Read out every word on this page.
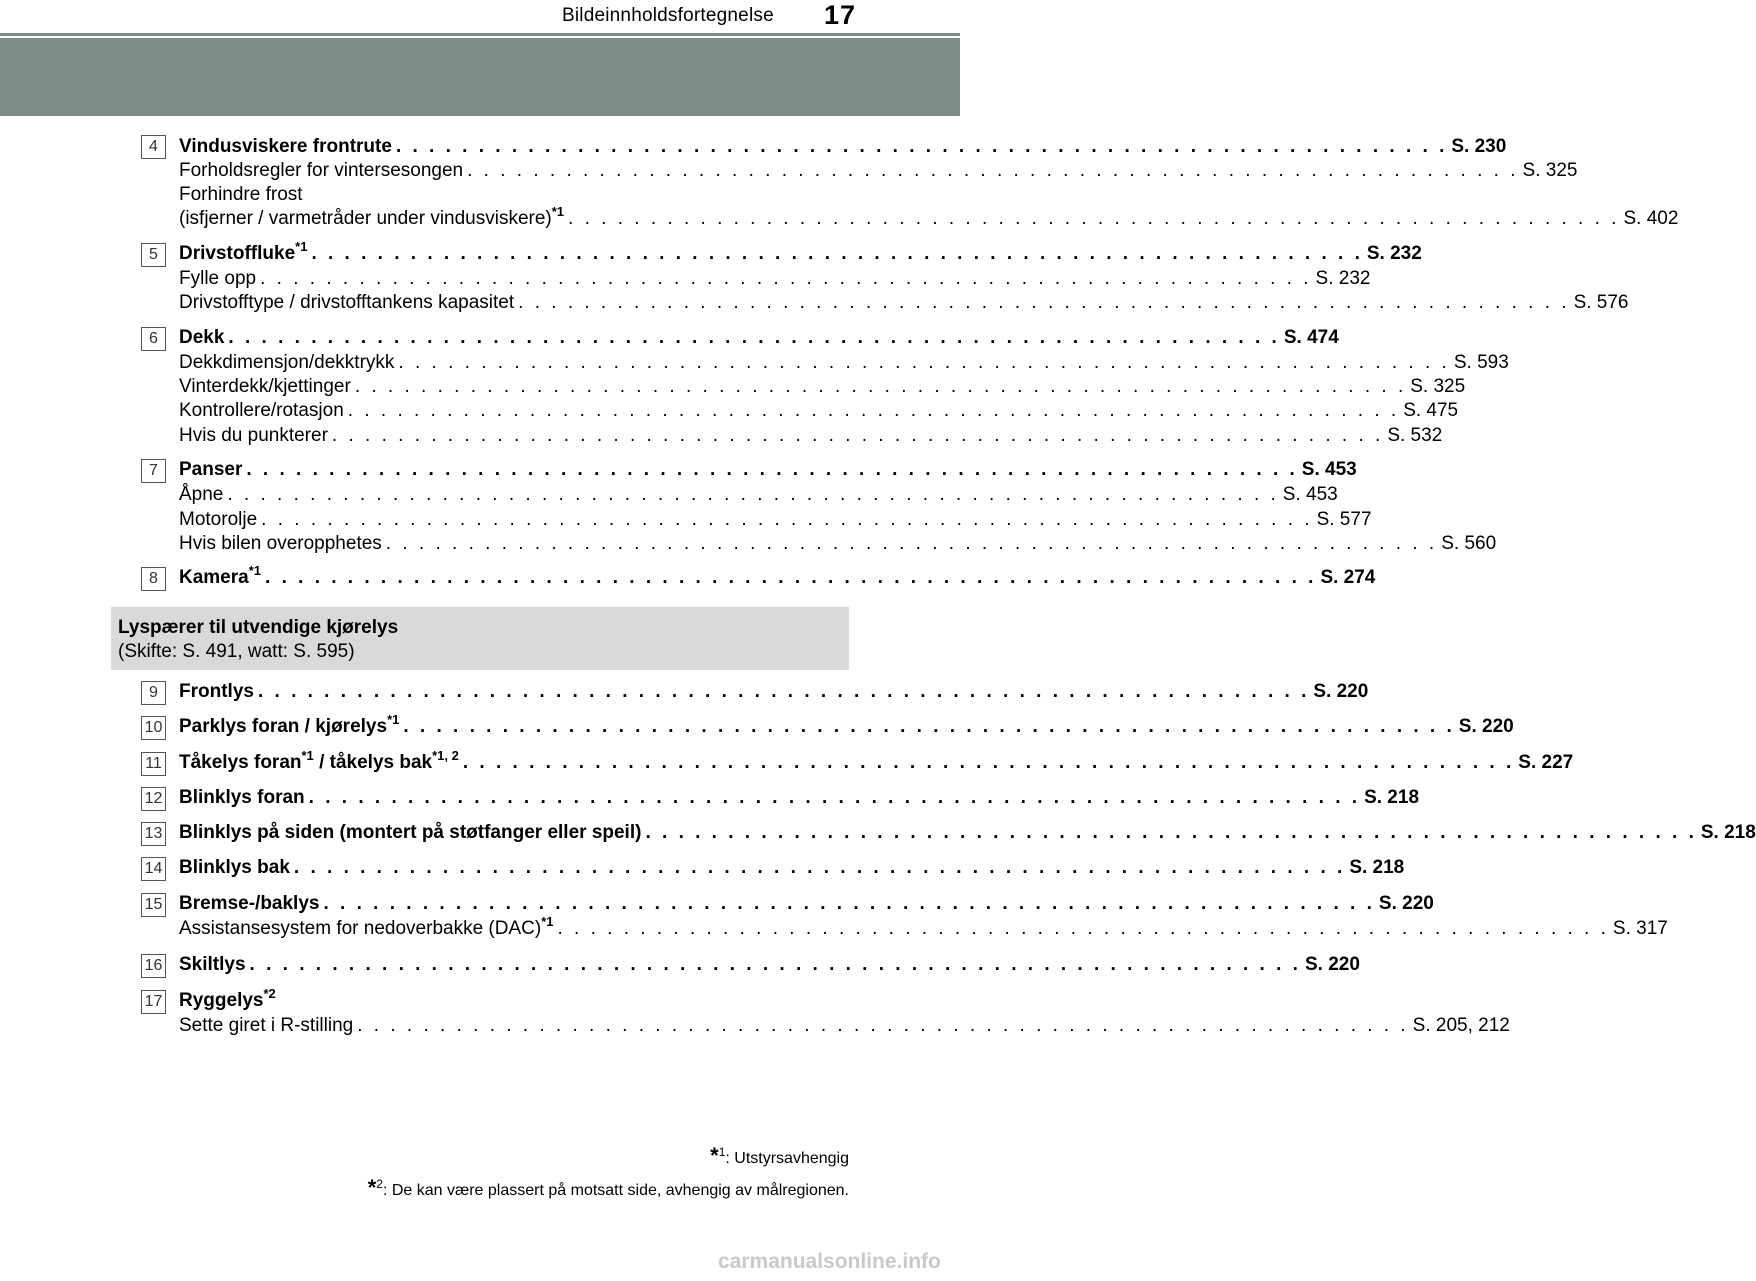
Bildeinnholdsfortegnelse 17
4	Vindusviskere frontrute . . . . . . . . . . . . . . . . . . . . . . . . . . . . . . . . . . . . . . . . . . . . . . . . . . . . . . . . . . . . . . . . S. 230
Forholdsregler for vintersesongen . . . . . . . . . . . . . . . . . . . . . . . . . . . . . . . . . . . . . . . . . . . . . . . . . . . . . . . . . . . . . . . . S. 325
Forhindre frost
(isfjerner / varmetråder under vindusviskere)$^{*1}$ . . . . . . . . . . . . . . . . . . . . . . . . . . . . . . . . . . . . . . . . . . . . . . . . . . . . . . . . . . . . . . . . S. 402
5	Drivstoffluke$^{*1}$ . . . . . . . . . . . . . . . . . . . . . . . . . . . . . . . . . . . . . . . . . . . . . . . . . . . . . . . . . . . . . . . . S. 232
Fylle opp . . . . . . . . . . . . . . . . . . . . . . . . . . . . . . . . . . . . . . . . . . . . . . . . . . . . . . . . . . . . . . . . S. 232
Drivstofftype / drivstofftankens kapasitet . . . . . . . . . . . . . . . . . . . . . . . . . . . . . . . . . . . . . . . . . . . . . . . . . . . . . . . . . . . . . . . . S. 576
6	Dekk . . . . . . . . . . . . . . . . . . . . . . . . . . . . . . . . . . . . . . . . . . . . . . . . . . . . . . . . . . . . . . . . S. 474
Dekkdimensjon/dekktrykk . . . . . . . . . . . . . . . . . . . . . . . . . . . . . . . . . . . . . . . . . . . . . . . . . . . . . . . . . . . . . . . . S. 593
Vinterdekk/kjettinger . . . . . . . . . . . . . . . . . . . . . . . . . . . . . . . . . . . . . . . . . . . . . . . . . . . . . . . . . . . . . . . . S. 325
Kontrollere/rotasjon . . . . . . . . . . . . . . . . . . . . . . . . . . . . . . . . . . . . . . . . . . . . . . . . . . . . . . . . . . . . . . . . S. 475
Hvis du punkterer . . . . . . . . . . . . . . . . . . . . . . . . . . . . . . . . . . . . . . . . . . . . . . . . . . . . . . . . . . . . . . . . S. 532
7	Panser . . . . . . . . . . . . . . . . . . . . . . . . . . . . . . . . . . . . . . . . . . . . . . . . . . . . . . . . . . . . . . . . S. 453
Åpne . . . . . . . . . . . . . . . . . . . . . . . . . . . . . . . . . . . . . . . . . . . . . . . . . . . . . . . . . . . . . . . . S. 453
Motorolje . . . . . . . . . . . . . . . . . . . . . . . . . . . . . . . . . . . . . . . . . . . . . . . . . . . . . . . . . . . . . . . . S. 577
Hvis bilen overopphetes . . . . . . . . . . . . . . . . . . . . . . . . . . . . . . . . . . . . . . . . . . . . . . . . . . . . . . . . . . . . . . . . S. 560
8	Kamera$^{*1}$ . . . . . . . . . . . . . . . . . . . . . . . . . . . . . . . . . . . . . . . . . . . . . . . . . . . . . . . . . . . . . . . . S. 274
Lyspærer til utvendige kjørelys
(Skifte: S. 491, watt: S. 595)
9	Frontlys . . . . . . . . . . . . . . . . . . . . . . . . . . . . . . . . . . . . . . . . . . . . . . . . . . . . . . . . . . . . . . . . S. 220
10 Parklys foran / kjørelys$^{*1}$ . . . . . . . . . . . . . . . . . . . . . . . . . . . . . . . . . . . . . . . . . . . . . . . . . . . . . . . . . . . . . . . . S. 220
11 Tåkelys foran$^{*1}$ / tåkelys bak$^{*1, 2}$ . . . . . . . . . . . . . . . . . . . . . . . . . . . . . . . . . . . . . . . . . . . . . . . . . . . . . . . . . . . . . . . . S. 227
12 Blinklys foran . . . . . . . . . . . . . . . . . . . . . . . . . . . . . . . . . . . . . . . . . . . . . . . . . . . . . . . . . . . . . . . . S. 218
13 Blinklys på siden (montert på støtfanger eller speil) . . . . . . . . . . . . . . . . . . . . . . . . . . . . . . . . . . . . . . . . . . . . . . . . . . . . . . . . . . . . . . . . S. 218
14 Blinklys bak . . . . . . . . . . . . . . . . . . . . . . . . . . . . . . . . . . . . . . . . . . . . . . . . . . . . . . . . . . . . . . . . S. 218
15 Bremse-/baklys . . . . . . . . . . . . . . . . . . . . . . . . . . . . . . . . . . . . . . . . . . . . . . . . . . . . . . . . . . . . . . . . S. 220
Assistansesystem for nedoverbakke (DAC)$^{*1}$ . . . . . . . . . . . . . . . . . . . . . . . . . . . . . . . . . . . . . . . . . . . . . . . . . . . . . . . . . . . . . . . . S. 317
16 Skiltlys . . . . . . . . . . . . . . . . . . . . . . . . . . . . . . . . . . . . . . . . . . . . . . . . . . . . . . . . . . . . . . . . S. 220
17 Ryggelys$^{*2}$
Sette giret i R-stilling . . . . . . . . . . . . . . . . . . . . . . . . . . . . . . . . . . . . . . . . . . . . . . . . . . . . . . . . . . . . . . . . S. 205, 212
*$^1$: Utstyrsavhengig
*$^2$: De kan være plassert på motsatt side, avhengig av målregionen.
carmanualsonline.info
